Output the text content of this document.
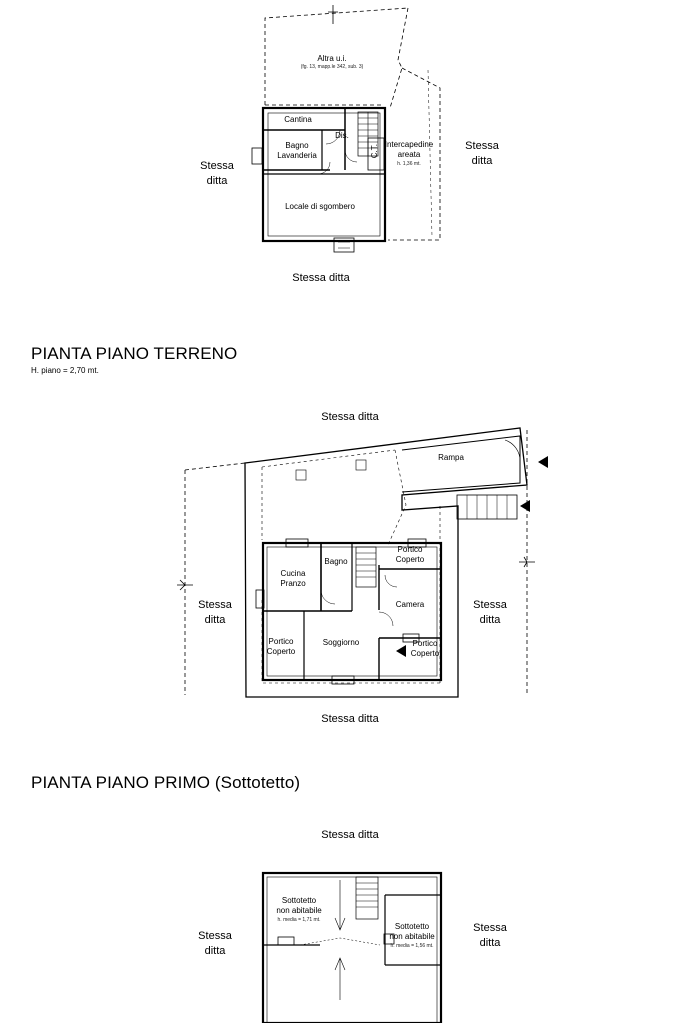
Altra u.i.
(fg. 13, mapp.le 342, sub. 3)
Cantina
Dis.
Bagno
Lavanderia	C.T. Intercapedine
areata
h. 1,36 mt.
Locale di sgombero
Stessa
ditta
Stessa
ditta
Stessa ditta
PIANTA PIANO TERRENO
H. piano = 2,70 mt.
Stessa ditta
Rampa
Cucina
Pranzo
Bagno
Portico
Coperto
Camera
Portico
Coperto
Soggiorno	Portico
Coperto
Stessa
ditta
Stessa
ditta
Stessa ditta
PIANTA PIANO PRIMO (Sottotetto)
Stessa ditta
Sottotetto
non abitabile
h. media = 1,71 mt.
Sottotetto
non abitabile
h. media = 1,56 mt.
Stessa
ditta
Stessa
ditta
